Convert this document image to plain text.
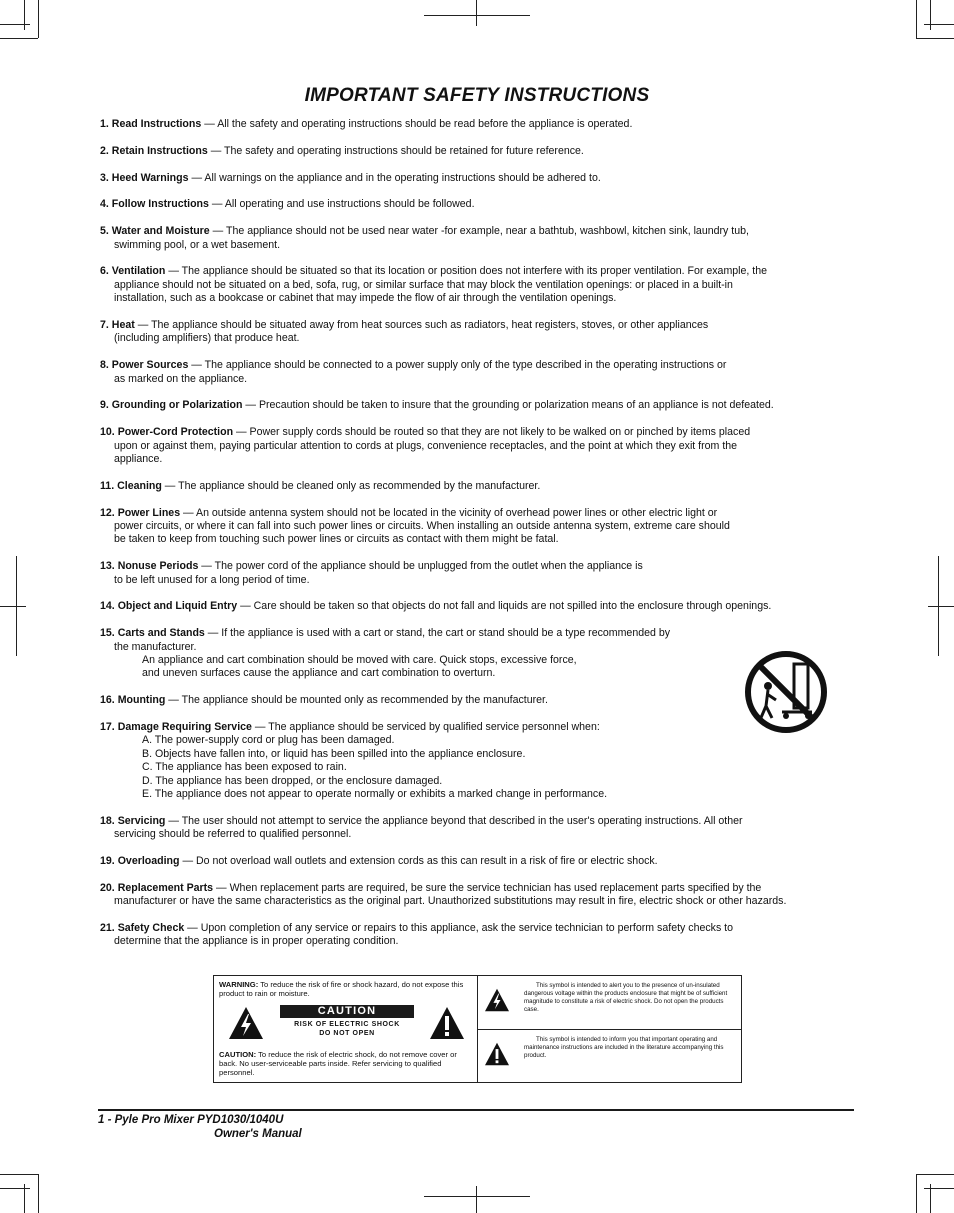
IMPORTANT SAFETY INSTRUCTIONS
1. Read Instructions — All the safety and operating instructions should be read before the appliance is operated.
2. Retain Instructions — The safety and operating instructions should be retained for future reference.
3. Heed Warnings — All warnings on the appliance and in the operating instructions should be adhered to.
4. Follow Instructions — All operating and use instructions should be followed.
5. Water and Moisture — The appliance should not be used near water -for example, near a bathtub, washbowl, kitchen sink, laundry tub,
swimming pool, or a wet basement.
6. Ventilation — The appliance should be situated so that its location or position does not interfere with its proper ventilation. For example, the
appliance should not be situated on a bed, sofa, rug, or similar surface that may block the ventilation openings: or placed in a built-in
installation, such as a bookcase or cabinet that may impede the flow of air through the ventilation openings.
7. Heat — The appliance should be situated away from heat sources such as radiators, heat registers, stoves, or other appliances
(including amplifiers) that produce heat.
8. Power Sources — The appliance should be connected to a power supply only of the type described in the operating instructions or
as marked on the appliance.
9. Grounding or Polarization — Precaution should be taken to insure that the grounding or polarization means of an appliance is not defeated.
10. Power-Cord Protection — Power supply cords should be routed so that they are not likely to be walked on or pinched by items placed
upon or against them, paying particular attention to cords at plugs, convenience receptacles, and the point at which they exit from the
appliance.
11. Cleaning — The appliance should be cleaned only as recommended by the manufacturer.
12. Power Lines — An outside antenna system should not be located in the vicinity of overhead power lines or other electric light or
power circuits, or where it can fall into such power lines or circuits. When installing an outside antenna system, extreme care should
be taken to keep from touching such power lines or circuits as contact with them might be fatal.
13. Nonuse Periods — The power cord of the appliance should be unplugged from the outlet when the appliance is
to be left unused for a long period of time.
14. Object and Liquid Entry — Care should be taken so that objects do not fall and liquids are not spilled into the enclosure through openings.
15. Carts and Stands — If the appliance is used with a cart or stand, the cart or stand should be a type recommended by
the manufacturer.
An appliance and cart combination should be moved with care. Quick stops, excessive force,
and uneven surfaces cause the appliance and cart combination to overturn.
16. Mounting — The appliance should be mounted only as recommended by the manufacturer.
17. Damage Requiring Service — The appliance should be serviced by qualified service personnel when:
A. The power-supply cord or plug has been damaged.
B. Objects have fallen into, or liquid has been spilled into the appliance enclosure.
C. The appliance has been exposed to rain.
D. The appliance has been dropped, or the enclosure damaged.
E. The appliance does not appear to operate normally or exhibits a marked change in performance.
18. Servicing — The user should not attempt to service the appliance beyond that described in the user's operating instructions. All other
servicing should be referred to qualified personnel.
19. Overloading — Do not overload wall outlets and extension cords as this can result in a risk of fire or electric shock.
20. Replacement Parts — When replacement parts are required, be sure the service technician has used replacement parts specified by the
manufacturer or have the same characteristics as the original part. Unauthorized substitutions may result in fire, electric shock or other hazards.
21. Safety Check — Upon completion of any service or repairs to this appliance, ask the service technician to perform safety checks to
determine that the appliance is in proper operating condition.
WARNING: To reduce the risk of fire or shock hazard, do not expose this product to rain or moisture.
CAUTION
RISK OF ELECTRIC SHOCK
DO NOT OPEN
CAUTION: To reduce the risk of electric shock, do not remove cover or back. No user-serviceable parts inside. Refer servicing to qualified personnel.
This symbol is intended to alert you to the presence of un-insulated dangerous voltage within the products enclosure that might be of sufficient magnitude to constitute a risk of electric shock. Do not open the products case.
This symbol is intended to inform you that important operating and maintenance instructions are included in the literature accompanying this product.
1 - Pyle Pro Mixer PYD1030/1040U
Owner's Manual
